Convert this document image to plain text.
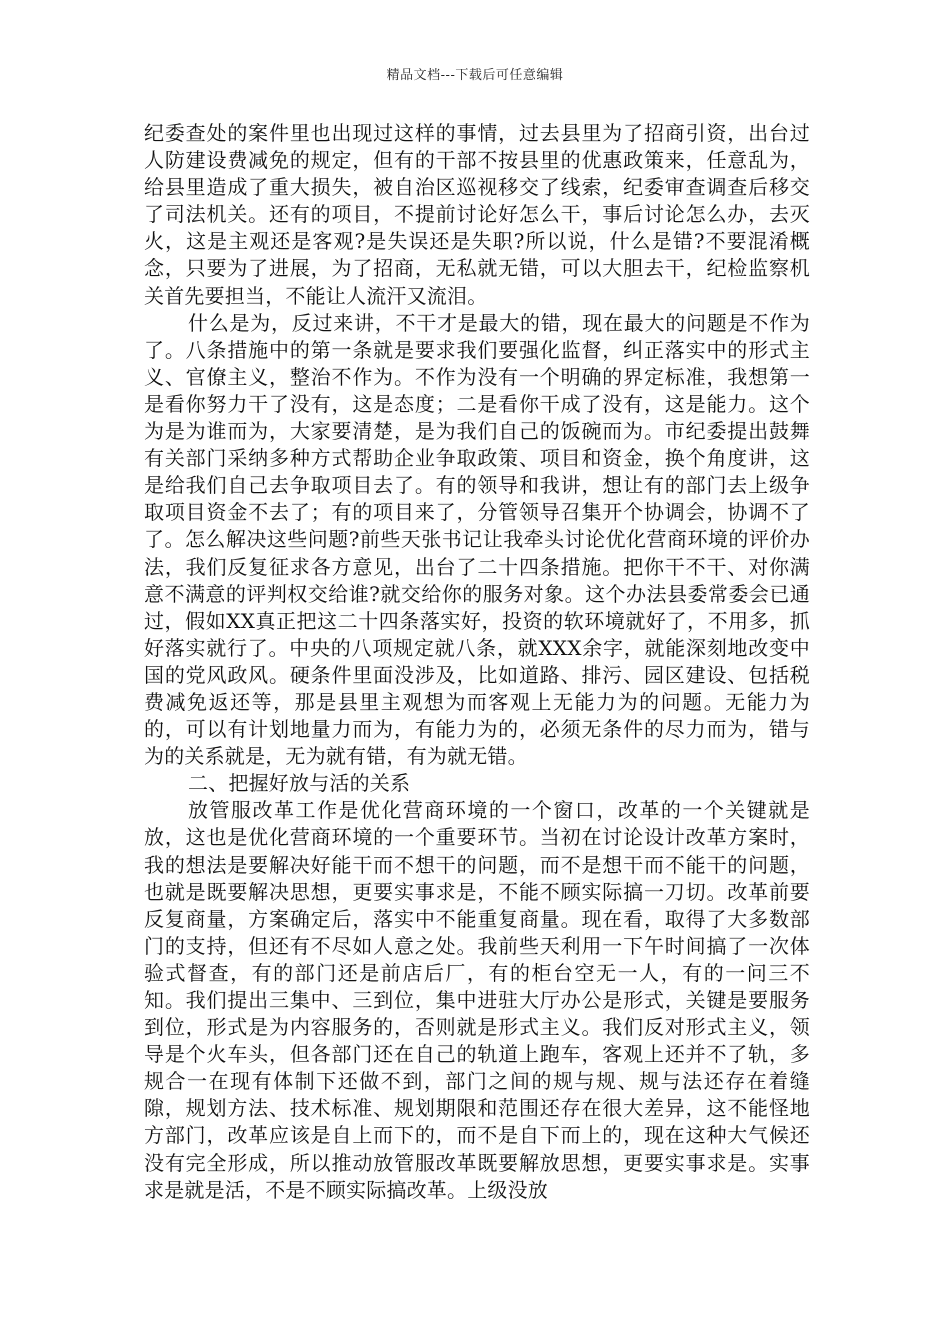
精品文档---下载后可任意编辑

纪委查处的案件里也出现过这样的事情，过去县里为了招商引资，出台过人防建设费减免的规定，但有的干部不按县里的优惠政策来，任意乱为，给县里造成了重大损失，被自治区巡视移交了线索，纪委审查调查后移交了司法机关。还有的项目，不提前讨论好怎么干，事后讨论怎么办，去灭火，这是主观还是客观?是失误还是失职?所以说，什么是错?不要混淆概念，只要为了进展，为了招商，无私就无错，可以大胆去干，纪检监察机关首先要担当，不能让人流汗又流泪。

什么是为，反过来讲，不干才是最大的错，现在最大的问题是不作为了。八条措施中的第一条就是要求我们要强化监督，纠正落实中的形式主义、官僚主义，整治不作为。不作为没有一个明确的界定标准，我想第一是看你努力干了没有，这是态度；二是看你干成了没有，这是能力。这个为是为谁而为，大家要清楚，是为我们自己的饭碗而为。市纪委提出鼓舞有关部门采纳多种方式帮助企业争取政策、项目和资金，换个角度讲，这是给我们自己去争取项目去了。有的领导和我讲，想让有的部门去上级争取项目资金不去了；有的项目来了，分管领导召集开个协调会，协调不了了。怎么解决这些问题?前些天张书记让我牵头讨论优化营商环境的评价办法，我们反复征求各方意见，出台了二十四条措施。把你干不干、对你满意不满意的评判权交给谁?就交给你的服务对象。这个办法县委常委会已通过，假如XX真正把这二十四条落实好，投资的软环境就好了，不用多，抓好落实就行了。中央的八项规定就八条，就XXX余字，就能深刻地改变中国的党风政风。硬条件里面没涉及，比如道路、排污、园区建设、包括税费减免返还等，那是县里主观想为而客观上无能力为的问题。无能力为的，可以有计划地量力而为，有能力为的，必须无条件的尽力而为，错与为的关系就是，无为就有错，有为就无错。

二、把握好放与活的关系

放管服改革工作是优化营商环境的一个窗口，改革的一个关键就是放，这也是优化营商环境的一个重要环节。当初在讨论设计改革方案时，我的想法是要解决好能干而不想干的问题，而不是想干而不能干的问题，也就是既要解决思想，更要实事求是，不能不顾实际搞一刀切。改革前要反复商量，方案确定后，落实中不能重复商量。现在看，取得了大多数部门的支持，但还有不尽如人意之处。我前些天利用一下午时间搞了一次体验式督查，有的部门还是前店后厂，有的柜台空无一人，有的一问三不知。我们提出三集中、三到位，集中进驻大厅办公是形式，关键是要服务到位，形式是为内容服务的，否则就是形式主义。我们反对形式主义，领导是个火车头，但各部门还在自己的轨道上跑车，客观上还并不了轨，多规合一在现有体制下还做不到，部门之间的规与规、规与法还存在着缝隙，规划方法、技术标准、规划期限和范围还存在很大差异，这不能怪地方部门，改革应该是自上而下的，而不是自下而上的，现在这种大气候还没有完全形成，所以推动放管服改革既要解放思想，更要实事求是。实事求是就是活，不是不顾实际搞改革。上级没放
